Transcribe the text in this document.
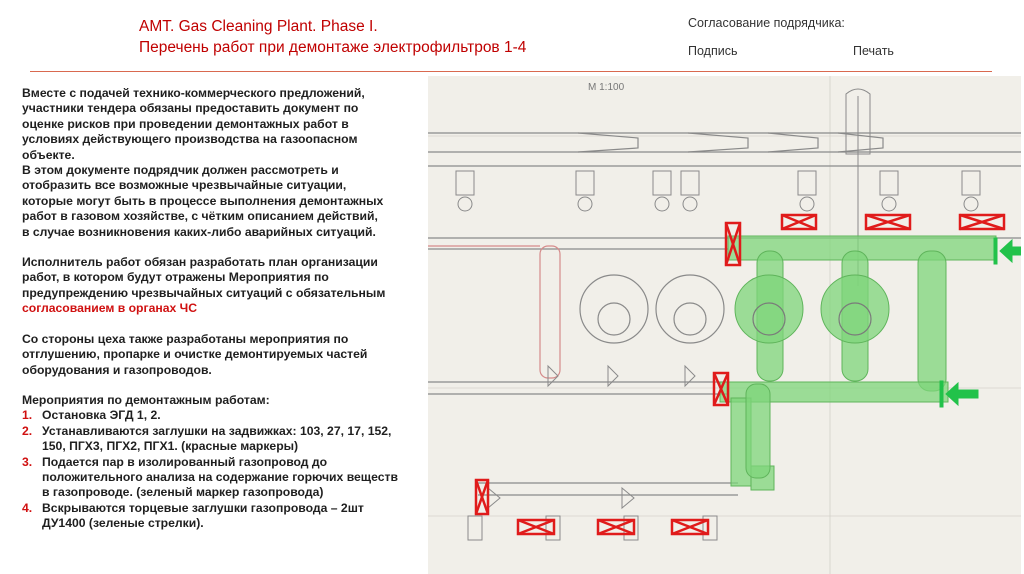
AMT. Gas Cleaning Plant. Phase I.
Перечень работ при демонтаже электрофильтров 1-4
Согласование подрядчика:
Подпись	Печать

Вместе с подачей технико-коммерческого предложений,
участники тендера обязаны предоставить документ по
оценке рисков при проведении демонтажных работ в
условиях действующего производства на газоопасном
объекте.
В этом документе подрядчик должен рассмотреть и
отобразить все возможные чрезвычайные ситуации,
которые могут быть в процессе выполнения демонтажных
работ в газовом хозяйстве, с чётким описанием действий,
в случае возникновения каких-либо аварийных ситуаций.

Исполнитель работ обязан разработать план организации
работ, в котором будут отражены Мероприятия по
предупреждению чрезвычайных ситуаций с обязательным
согласованием в органах ЧС

Со стороны цеха также разработаны мероприятия по
отглушению, пропарке и очистке демонтируемых частей
оборудования и газопроводов.

Мероприятия по демонтажным работам:

1. Остановка ЭГД 1, 2.
2. Устанавливаются заглушки на задвижках: 103, 27, 17, 152,
150, ПГХ3, ПГХ2, ПГХ1. (красные маркеры)
3. Подается пар в изолированный газопровод до
положительного анализа на содержание горючих веществ
в газопроводе. (зеленый маркер газопровода)
4. Вскрываются торцевые заглушки газопровода – 2шт
ДУ1400 (зеленые стрелки).
М 1:100
